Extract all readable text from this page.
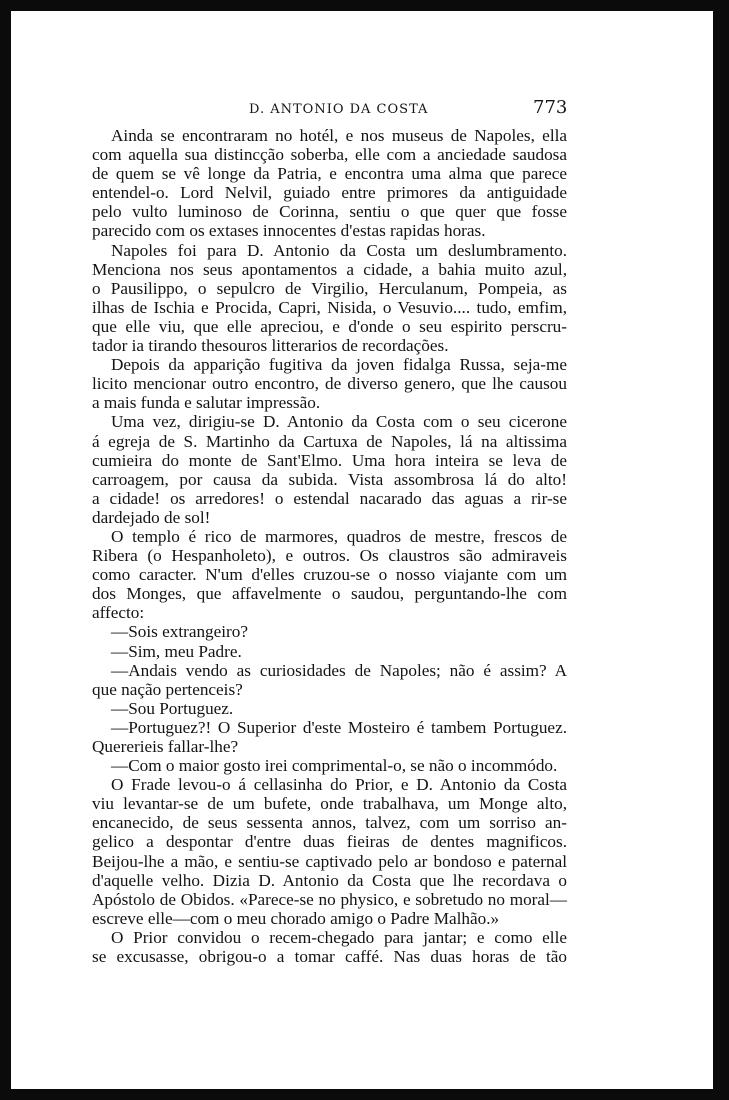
D. ANTONIO DA COSTA	773
Ainda se encontraram no hotél, e nos museus de Napoles, ella
com aquella sua distincção soberba, elle com a anciedade saudosa
de quem se vê longe da Patria, e encontra uma alma que parece
entendel-o. Lord Nelvil, guiado entre primores da antiguidade
pelo vulto luminoso de Corinna, sentiu o que quer que fosse
parecido com os extases innocentes d'estas rapidas horas.
Napoles foi para D. Antonio da Costa um deslumbramento.
Menciona nos seus apontamentos a cidade, a bahia muito azul,
o Pausilippo, o sepulcro de Virgilio, Herculanum, Pompeia, as
ilhas de Ischia e Procida, Capri, Nisida, o Vesuvio.... tudo, emfim,
que elle viu, que elle apreciou, e d'onde o seu espirito perscru-
tador ia tirando thesouros litterarios de recordações.
Depois da apparição fugitiva da joven fidalga Russa, seja-me
licito mencionar outro encontro, de diverso genero, que lhe causou
a mais funda e salutar impressão.
Uma vez, dirigiu-se D. Antonio da Costa com o seu cicerone
á egreja de S. Martinho da Cartuxa de Napoles, lá na altissima
cumieira do monte de Sant'Elmo. Uma hora inteira se leva de
carroagem, por causa da subida. Vista assombrosa lá do alto!
a cidade! os arredores! o estendal nacarado das aguas a rir-se
dardejado de sol!
O templo é rico de marmores, quadros de mestre, frescos de
Ribera (o Hespanholeto), e outros. Os claustros são admiraveis
como caracter. N'um d'elles cruzou-se o nosso viajante com um
dos Monges, que affavelmente o saudou, perguntando-lhe com
affecto:
—Sois extrangeiro?
—Sim, meu Padre.
—Andais vendo as curiosidades de Napoles; não é assim? A
que nação pertenceis?
—Sou Portuguez.
—Portuguez?! O Superior d'este Mosteiro é tambem Portuguez.
Quererieis fallar-lhe?
—Com o maior gosto irei comprimental-o, se não o incommódo.
O Frade levou-o á cellasinha do Prior, e D. Antonio da Costa
viu levantar-se de um bufete, onde trabalhava, um Monge alto,
encanecido, de seus sessenta annos, talvez, com um sorriso an-
gelico a despontar d'entre duas fieiras de dentes magnificos.
Beijou-lhe a mão, e sentiu-se captivado pelo ar bondoso e paternal
d'aquelle velho. Dizia D. Antonio da Costa que lhe recordava o
Apóstolo de Obidos. «Parece-se no physico, e sobretudo no moral—
escreve elle—com o meu chorado amigo o Padre Malhão.»
O Prior convidou o recem-chegado para jantar; e como elle
se excusasse, obrigou-o a tomar caffé. Nas duas horas de tão
